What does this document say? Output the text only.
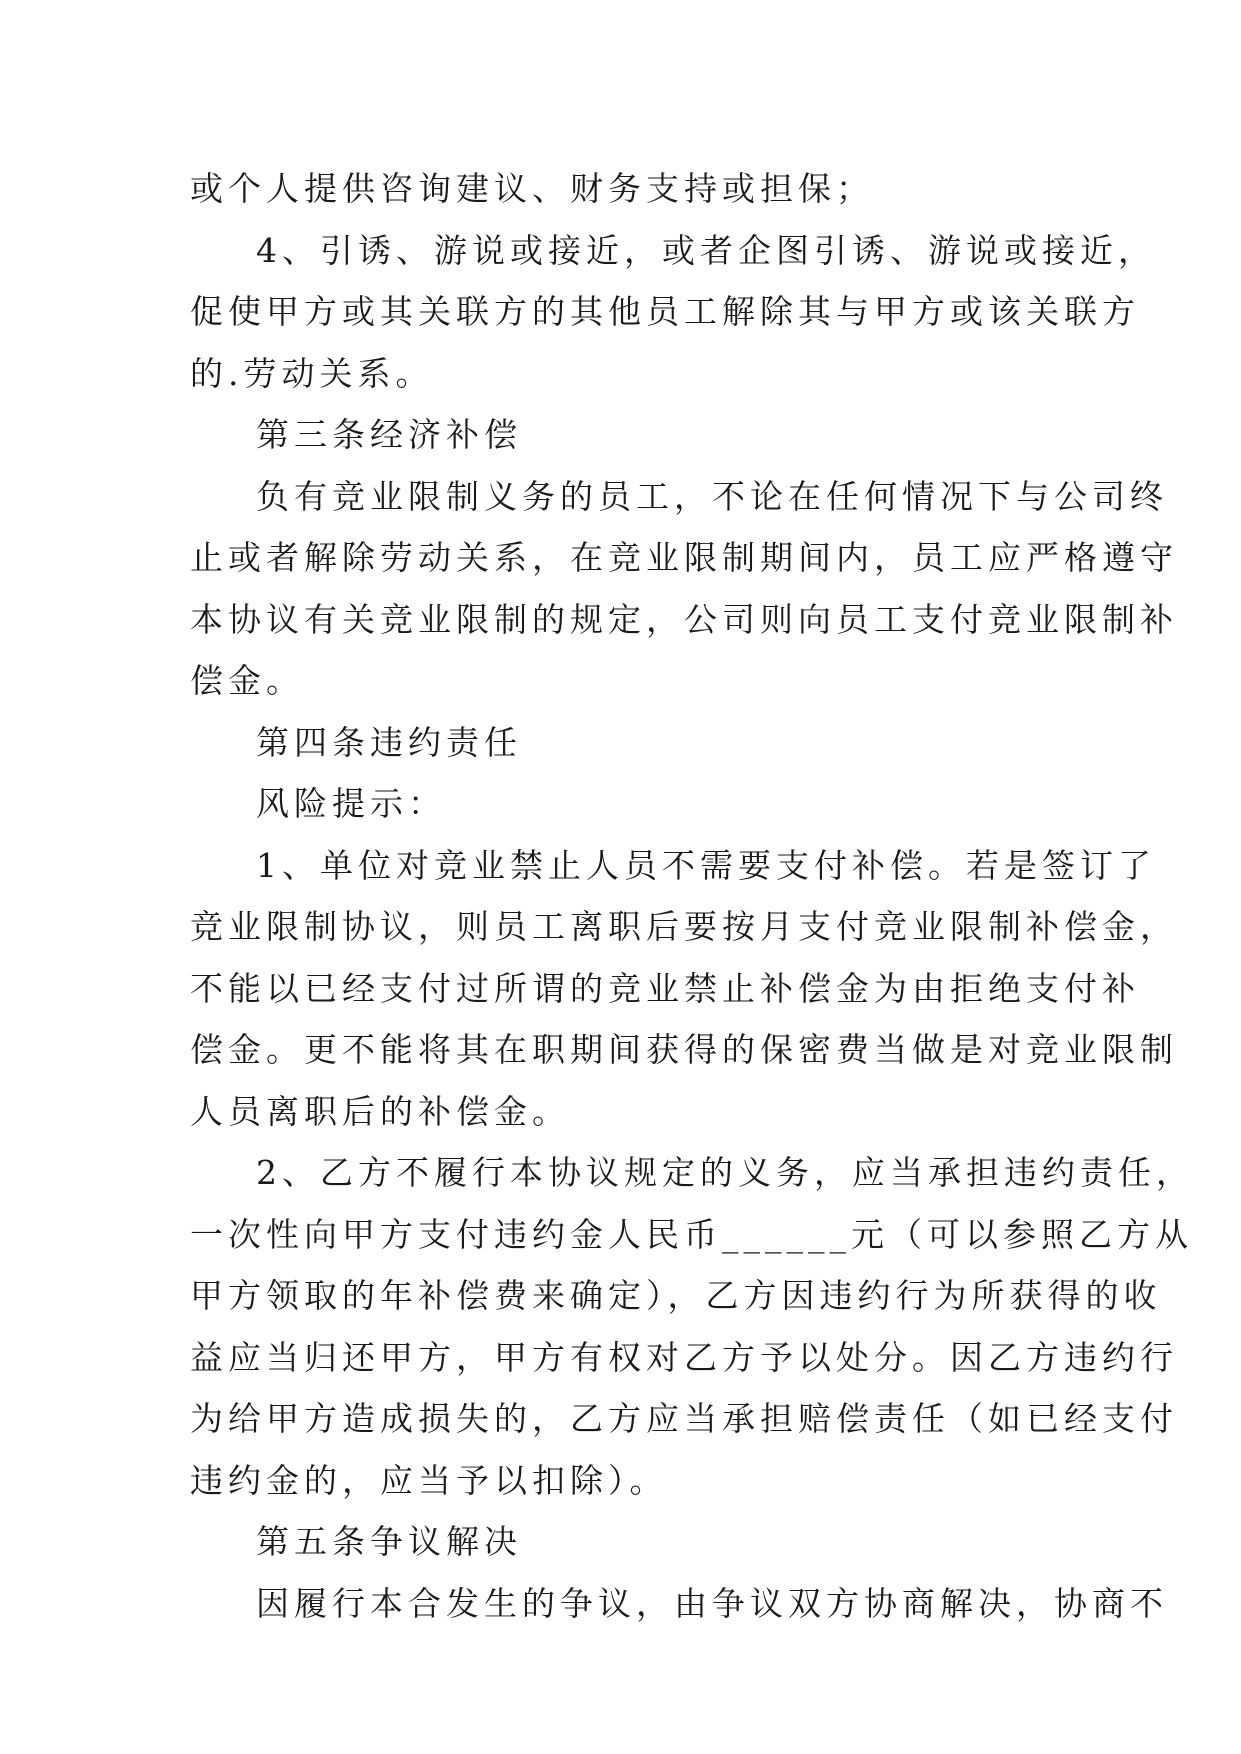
或个人提供咨询建议、财务支持或担保；

4、引诱、游说或接近，或者企图引诱、游说或接近，
促使甲方或其关联方的其他员工解除其与甲方或该关联方
的.劳动关系。

第三条经济补偿

负有竞业限制义务的员工，不论在任何情况下与公司终
止或者解除劳动关系，在竞业限制期间内，员工应严格遵守
本协议有关竞业限制的规定，公司则向员工支付竞业限制补
偿金。

第四条违约责任

风险提示：

1、单位对竞业禁止人员不需要支付补偿。若是签订了
竞业限制协议，则员工离职后要按月支付竞业限制补偿金，
不能以已经支付过所谓的竞业禁止补偿金为由拒绝支付补
偿金。更不能将其在职期间获得的保密费当做是对竞业限制
人员离职后的补偿金。

2、乙方不履行本协议规定的义务，应当承担违约责任，
一次性向甲方支付违约金人民币______元（可以参照乙方从
甲方领取的年补偿费来确定），乙方因违约行为所获得的收
益应当归还甲方，甲方有权对乙方予以处分。因乙方违约行
为给甲方造成损失的，乙方应当承担赔偿责任（如已经支付
违约金的，应当予以扣除）。

第五条争议解决

因履行本合发生的争议，由争议双方协商解决，协商不
